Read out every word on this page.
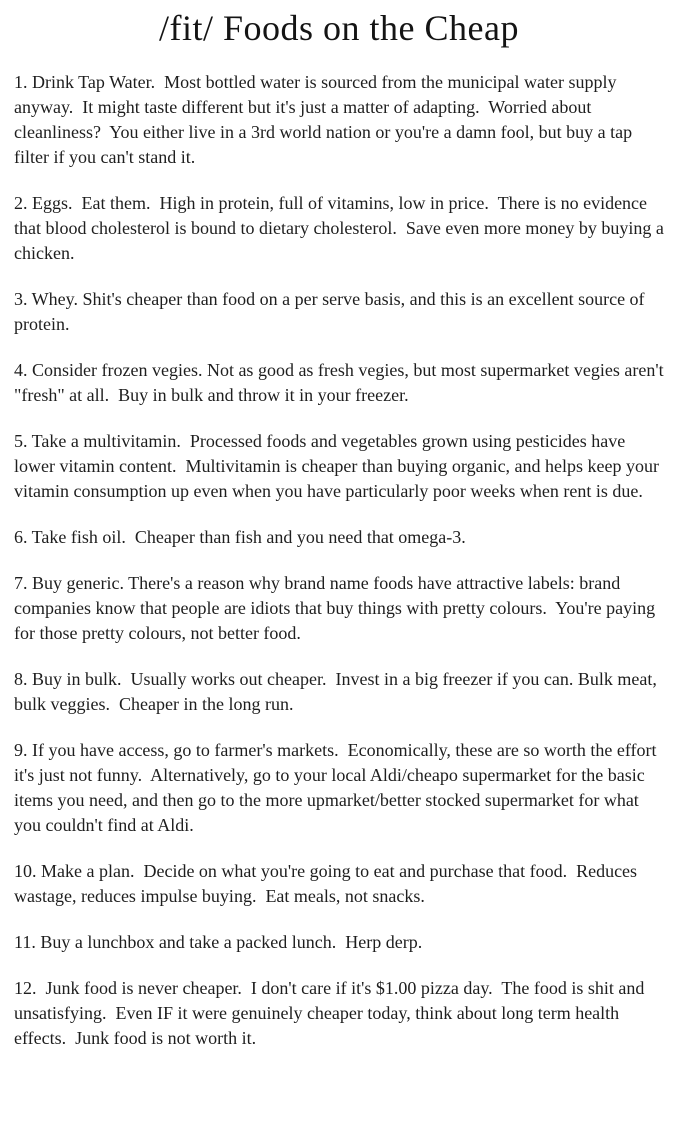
/fit/ Foods on the Cheap

1. Drink Tap Water.  Most bottled water is sourced from the municipal water supply anyway.  It might taste different but it's just a matter of adapting.  Worried about cleanliness?  You either live in a 3rd world nation or you're a damn fool, but buy a tap filter if you can't stand it.

2. Eggs.  Eat them.  High in protein, full of vitamins, low in price.  There is no evidence that blood cholesterol is bound to dietary cholesterol.  Save even more money by buying a chicken.

3. Whey. Shit's cheaper than food on a per serve basis, and this is an excellent source of protein.

4. Consider frozen vegies. Not as good as fresh vegies, but most supermarket vegies aren't "fresh" at all.  Buy in bulk and throw it in your freezer.

5. Take a multivitamin.  Processed foods and vegetables grown using pesticides have lower vitamin content.  Multivitamin is cheaper than buying organic, and helps keep your vitamin consumption up even when you have particularly poor weeks when rent is due.

6. Take fish oil.  Cheaper than fish and you need that omega-3.

7. Buy generic. There's a reason why brand name foods have attractive labels: brand companies know that people are idiots that buy things with pretty colours.  You're paying for those pretty colours, not better food.

8. Buy in bulk.  Usually works out cheaper.  Invest in a big freezer if you can. Bulk meat, bulk veggies.  Cheaper in the long run.

9. If you have access, go to farmer's markets.  Economically, these are so worth the effort it's just not funny.  Alternatively, go to your local Aldi/cheapo supermarket for the basic items you need, and then go to the more upmarket/better stocked supermarket for what you couldn't find at Aldi.

10. Make a plan.  Decide on what you're going to eat and purchase that food.  Reduces wastage, reduces impulse buying.  Eat meals, not snacks.

11. Buy a lunchbox and take a packed lunch.  Herp derp.

12.  Junk food is never cheaper.  I don't care if it's $1.00 pizza day.  The food is shit and unsatisfying.  Even IF it were genuinely cheaper today, think about long term health effects.  Junk food is not worth it.
